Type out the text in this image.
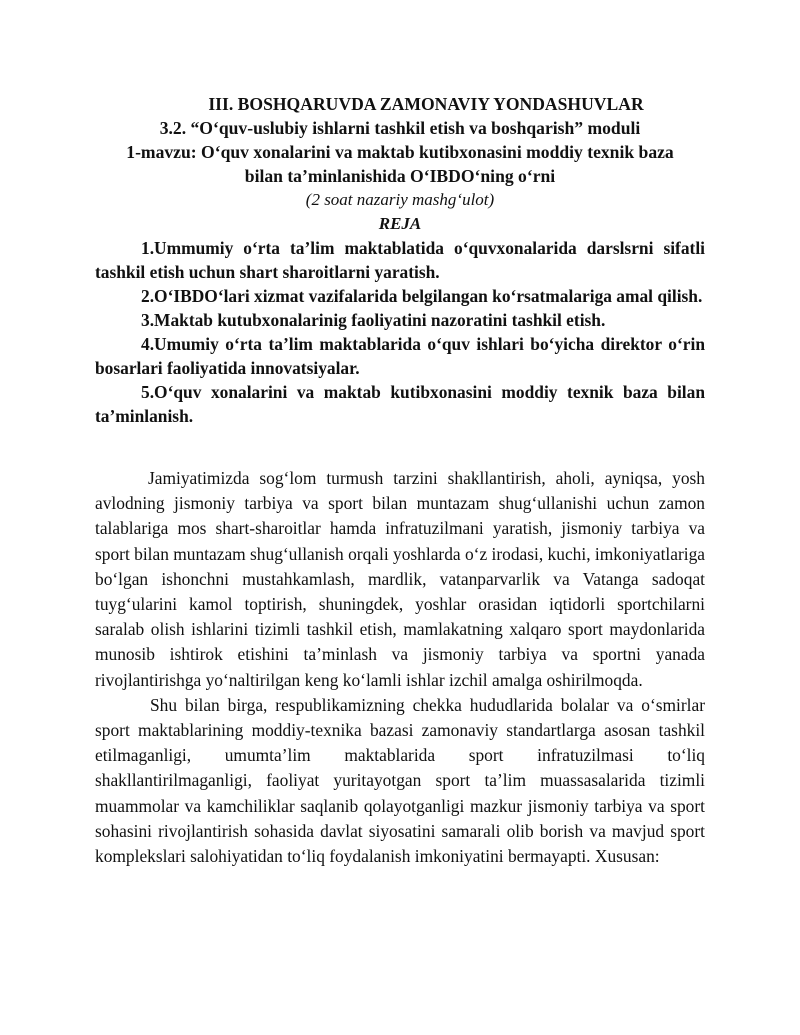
III. BOSHQARUVDA ZAMONAVIY YONDASHUVLAR

3.2. “O‘quv-uslubiy ishlarni tashkil etish va boshqarish” moduli

1-mavzu: O‘quv xonalarini va maktab kutibxonasini moddiy texnik baza

bilan ta’minlanishida O‘IBDO‘ning o‘rni

(2 soat nazariy mashg‘ulot)

REJA

1.Ummumiy o‘rta ta’lim maktablatida o‘quvxonalarida darslsrni sifatli tashkil etish uchun shart sharoitlarni yaratish.
2.O‘IBDO‘lari xizmat vazifalarida belgilangan ko‘rsatmalariga amal qilish.
3.Maktab kutubxonalarinig faoliyatini nazoratini tashkil etish.
4.Umumiy o‘rta ta’lim maktablarida o‘quv ishlari bo‘yicha direktor o‘rin bosarlari faoliyatida innovatsiyalar.
5.O‘quv xonalarini va maktab kutibxonasini moddiy texnik baza bilan ta’minlanish.

Jamiyatimizda sog‘lom turmush tarzini shakllantirish, aholi, ayniqsa, yosh avlodning jismoniy tarbiya va sport bilan muntazam shug‘ullanishi uchun zamon talablariga mos shart-sharoitlar hamda infratuzilmani yaratish, jismoniy tarbiya va sport bilan muntazam shug‘ullanish orqali yoshlarda o‘z irodasi, kuchi, imkoniyatlariga bo‘lgan ishonchni mustahkamlash, mardlik, vatanparvarlik va Vatanga sadoqat tuyg‘ularini kamol toptirish, shuningdek, yoshlar orasidan iqtidorli sportchilarni saralab olish ishlarini tizimli tashkil etish, mamlakatning xalqaro sport maydonlarida munosib ishtirok etishini ta’minlash va jismoniy tarbiya va sportni yanada rivojlantirishga yo‘naltirilgan keng ko‘lamli ishlar izchil amalga oshirilmoqda.

Shu bilan birga, respublikamizning chekka hududlarida bolalar va o‘smirlar sport maktablarining moddiy-texnika bazasi zamonaviy standartlarga asosan tashkil etilmaganligi, umumta’lim maktablarida sport infratuzilmasi to‘liq shakllantirilmaganligi, faoliyat yuritayotgan sport ta’lim muassasalarida tizimli muammolar va kamchiliklar saqlanib qolayotganligi mazkur jismoniy tarbiya va sport sohasini rivojlantirish sohasida davlat siyosatini samarali olib borish va mavjud sport komplekslari salohiyatidan to‘liq foydalanish imkoniyatini bermayapti. Xususan:
